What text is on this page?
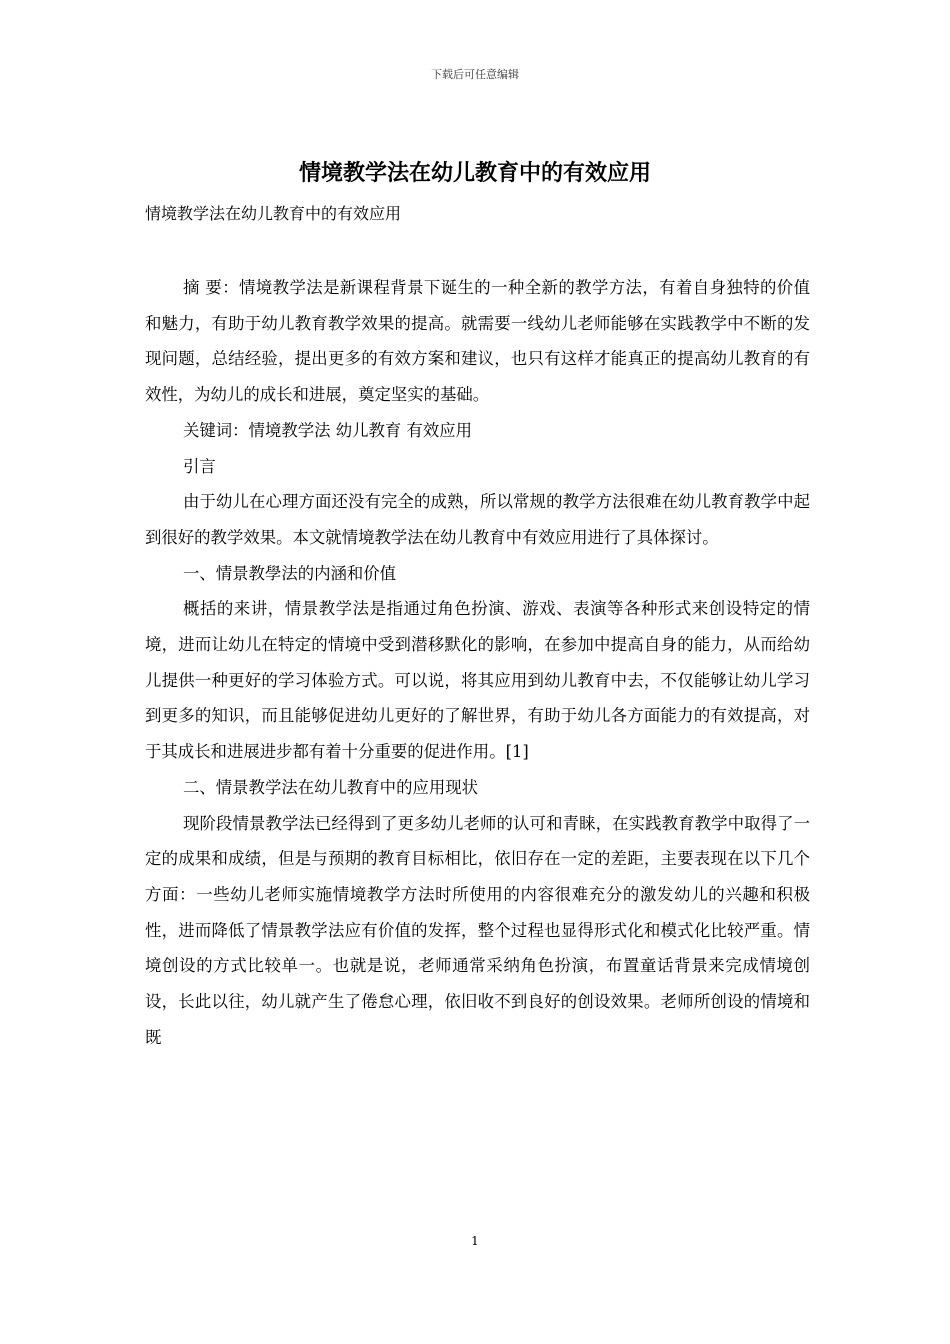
下载后可任意编辑
情境教学法在幼儿教育中的有效应用

情境教学法在幼儿教育中的有效应用

摘 要：情境教学法是新课程背景下诞生的一种全新的教学方法，有着自身独特的价值和魅力，有助于幼儿教育教学效果的提高。就需要一线幼儿老师能够在实践教学中不断的发现问题，总结经验，提出更多的有效方案和建议，也只有这样才能真正的提高幼儿教育的有效性，为幼儿的成长和进展，奠定坚实的基础。

关键词：情境教学法 幼儿教育 有效应用

引言

由于幼儿在心理方面还没有完全的成熟，所以常规的教学方法很难在幼儿教育教学中起到很好的教学效果。本文就情境教学法在幼儿教育中有效应用进行了具体探讨。

一、情景教學法的内涵和价值

概括的来讲，情景教学法是指通过角色扮演、游戏、表演等各种形式来创设特定的情境，进而让幼儿在特定的情境中受到潜移默化的影响，在参加中提高自身的能力，从而给幼儿提供一种更好的学习体验方式。可以说，将其应用到幼儿教育中去，不仅能够让幼儿学习到更多的知识，而且能够促进幼儿更好的了解世界，有助于幼儿各方面能力的有效提高，对于其成长和进展进步都有着十分重要的促进作用。[1]

二、情景教学法在幼儿教育中的应用现状

现阶段情景教学法已经得到了更多幼儿老师的认可和青睐，在实践教育教学中取得了一定的成果和成绩，但是与预期的教育目标相比，依旧存在一定的差距，主要表现在以下几个方面：一些幼儿老师实施情境教学方法时所使用的内容很难充分的激发幼儿的兴趣和积极性，进而降低了情景教学法应有价值的发挥，整个过程也显得形式化和模式化比较严重。情境创设的方式比较单一。也就是说，老师通常采纳角色扮演，布置童话背景来完成情境创设，长此以往，幼儿就产生了倦怠心理，依旧收不到良好的创设效果。老师所创设的情境和既

1
